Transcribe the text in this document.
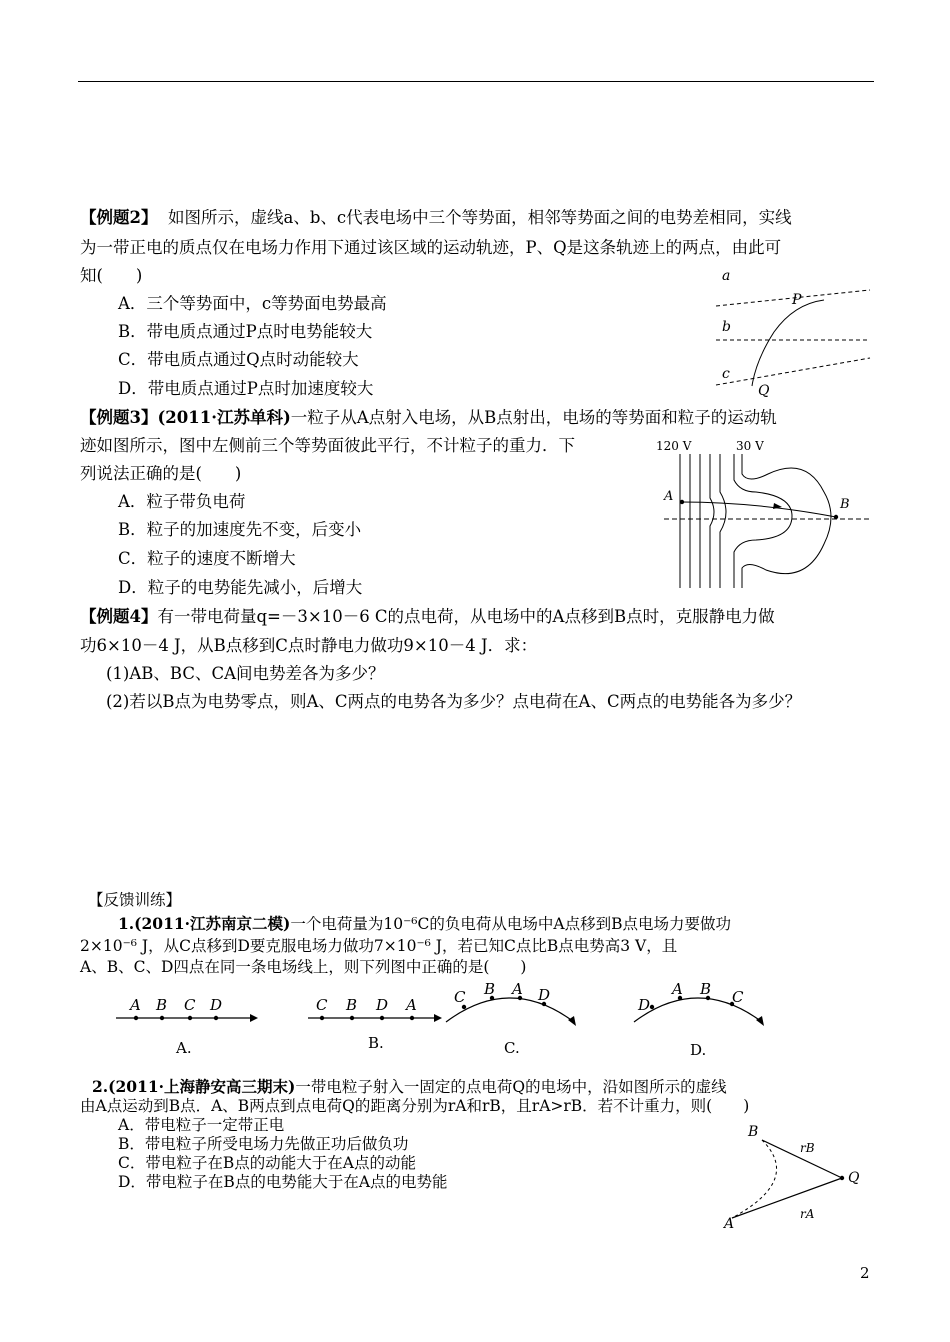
【例题2】 如图所示，虚线a、b、c代表电场中三个等势面，相邻等势面之间的电势差相同，实线
为一带正电的质点仅在电场力作用下通过该区域的运动轨迹，P、Q是这条轨迹上的两点，由此可
知(　　)
A．三个等势面中，c等势面电势最高
B．带电质点通过P点时电势能较大
C．带电质点通过Q点时动能较大
D．带电质点通过P点时加速度较大
a
b
c
P
Q
【例题3】(2011·江苏单科)一粒子从A点射入电场，从B点射出，电场的等势面和粒子的运动轨
迹如图所示，图中左侧前三个等势面彼此平行，不计粒子的重力．下
列说法正确的是(　　)
A．粒子带负电荷
B．粒子的加速度先不变，后变小
C．粒子的速度不断增大
D．粒子的电势能先减小，后增大
120 V	30 V
A
B
【例题4】有一带电荷量q=－3×10－6 C的点电荷，从电场中的A点移到B点时，克服静电力做
功6×10－4 J，从B点移到C点时静电力做功9×10－4 J．求：
(1)AB、BC、CA间电势差各为多少？
(2)若以B点为电势零点，则A、C两点的电势各为多少？点电荷在A、C两点的电势能各为多少？
【反馈训练】
1.(2011·江苏南京二模)一个电荷量为10⁻⁶C的负电荷从电场中A点移到B点电场力要做功
2×10⁻⁶ J，从C点移到D要克服电场力做功7×10⁻⁶ J，若已知C点比B点电势高3 V，且
A、B、C、D四点在同一条电场线上，则下列图中正确的是(　　)
A B C D
A.
C B D A
B.
C B A D
C.
D
A B C
D.
2.(2011·上海静安高三期末)一带电粒子射入一固定的点电荷Q的电场中，沿如图所示的虚线
由A点运动到B点．A、B两点到点电荷Q的距离分别为rA和rB，且rA>rB．若不计重力，则(　　)
A．带电粒子一定带正电
B．带电粒子所受电场力先做正功后做负功
C．带电粒子在B点的动能大于在A点的动能
D．带电粒子在B点的电势能大于在A点的电势能
B
A
Q
rB
rA
2
